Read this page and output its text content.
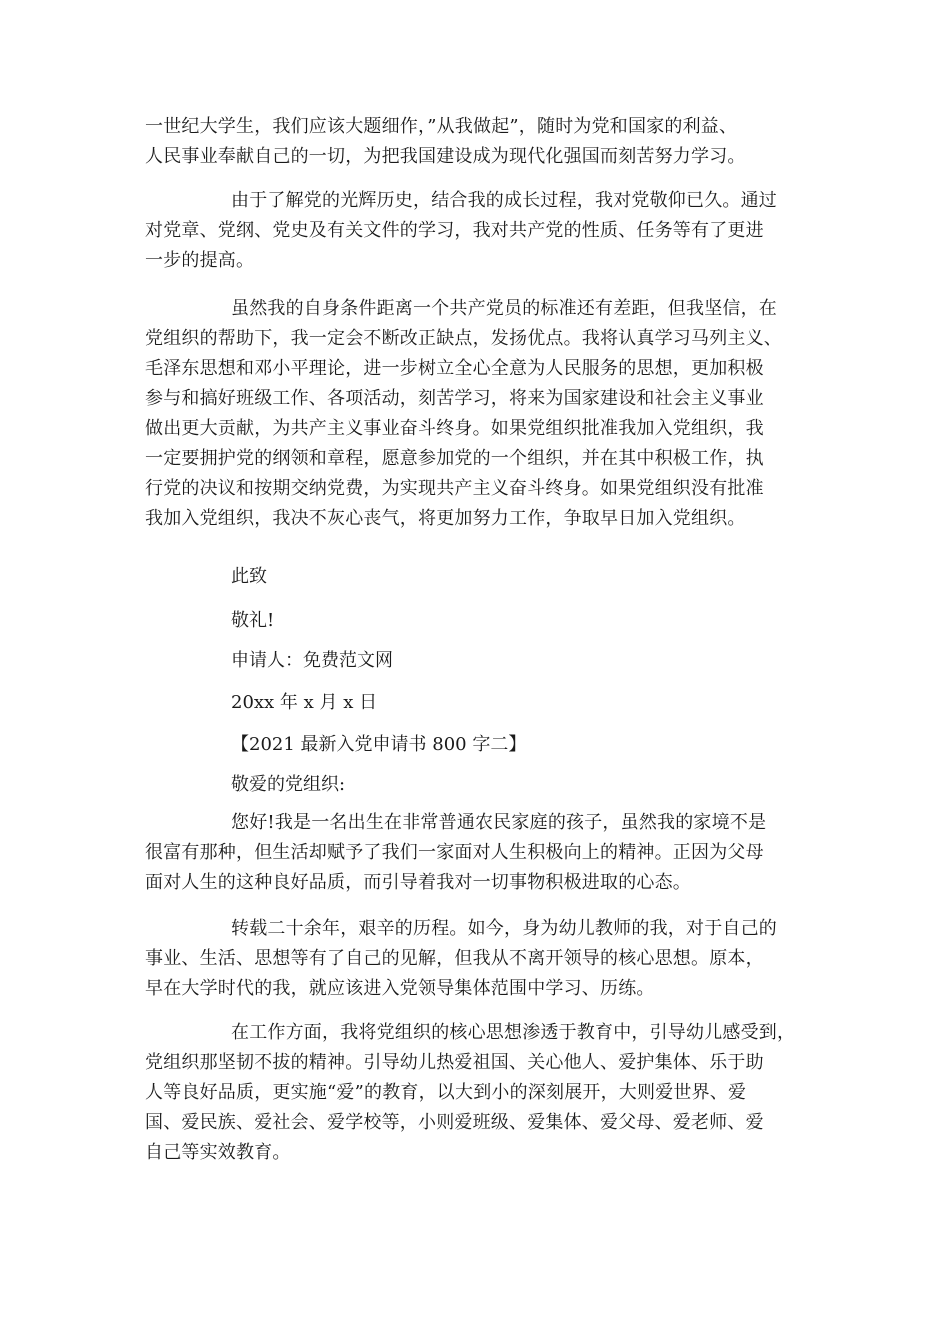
一世纪大学生，我们应该大题细作，”从我做起”，随时为党和国家的利益、
人民事业奉献自己的一切，为把我国建设成为现代化强国而刻苦努力学习。
由于了解党的光辉历史，结合我的成长过程，我对党敬仰已久。通过
对党章、党纲、党史及有关文件的学习，我对共产党的性质、任务等有了更进
一步的提高。
虽然我的自身条件距离一个共产党员的标准还有差距，但我坚信，在
党组织的帮助下，我一定会不断改正缺点，发扬优点。我将认真学习马列主义、
毛泽东思想和邓小平理论，进一步树立全心全意为人民服务的思想，更加积极
参与和搞好班级工作、各项活动，刻苦学习，将来为国家建设和社会主义事业
做出更大贡献，为共产主义事业奋斗终身。如果党组织批准我加入党组织，我
一定要拥护党的纲领和章程，愿意参加党的一个组织，并在其中积极工作，执
行党的决议和按期交纳党费，为实现共产主义奋斗终身。如果党组织没有批准
我加入党组织，我决不灰心丧气，将更加努力工作，争取早日加入党组织。
此致
敬礼!
申请人：免费范文网
20xx 年 x 月 x 日
【2021 最新入党申请书 800 字二】
敬爱的党组织:
您好!我是一名出生在非常普通农民家庭的孩子，虽然我的家境不是
很富有那种，但生活却赋予了我们一家面对人生积极向上的精神。正因为父母
面对人生的这种良好品质，而引导着我对一切事物积极进取的心态。
转载二十余年，艰辛的历程。如今，身为幼儿教师的我，对于自己的
事业、生活、思想等有了自己的见解，但我从不离开领导的核心思想。原本，
早在大学时代的我，就应该进入党领导集体范围中学习、历练。
在工作方面，我将党组织的核心思想渗透于教育中，引导幼儿感受到，
党组织那坚韧不拔的精神。引导幼儿热爱祖国、关心他人、爱护集体、乐于助
人等良好品质，更实施“爱”的教育，以大到小的深刻展开，大则爱世界、爱
国、爱民族、爱社会、爱学校等，小则爱班级、爱集体、爱父母、爱老师、爱
自己等实效教育。
